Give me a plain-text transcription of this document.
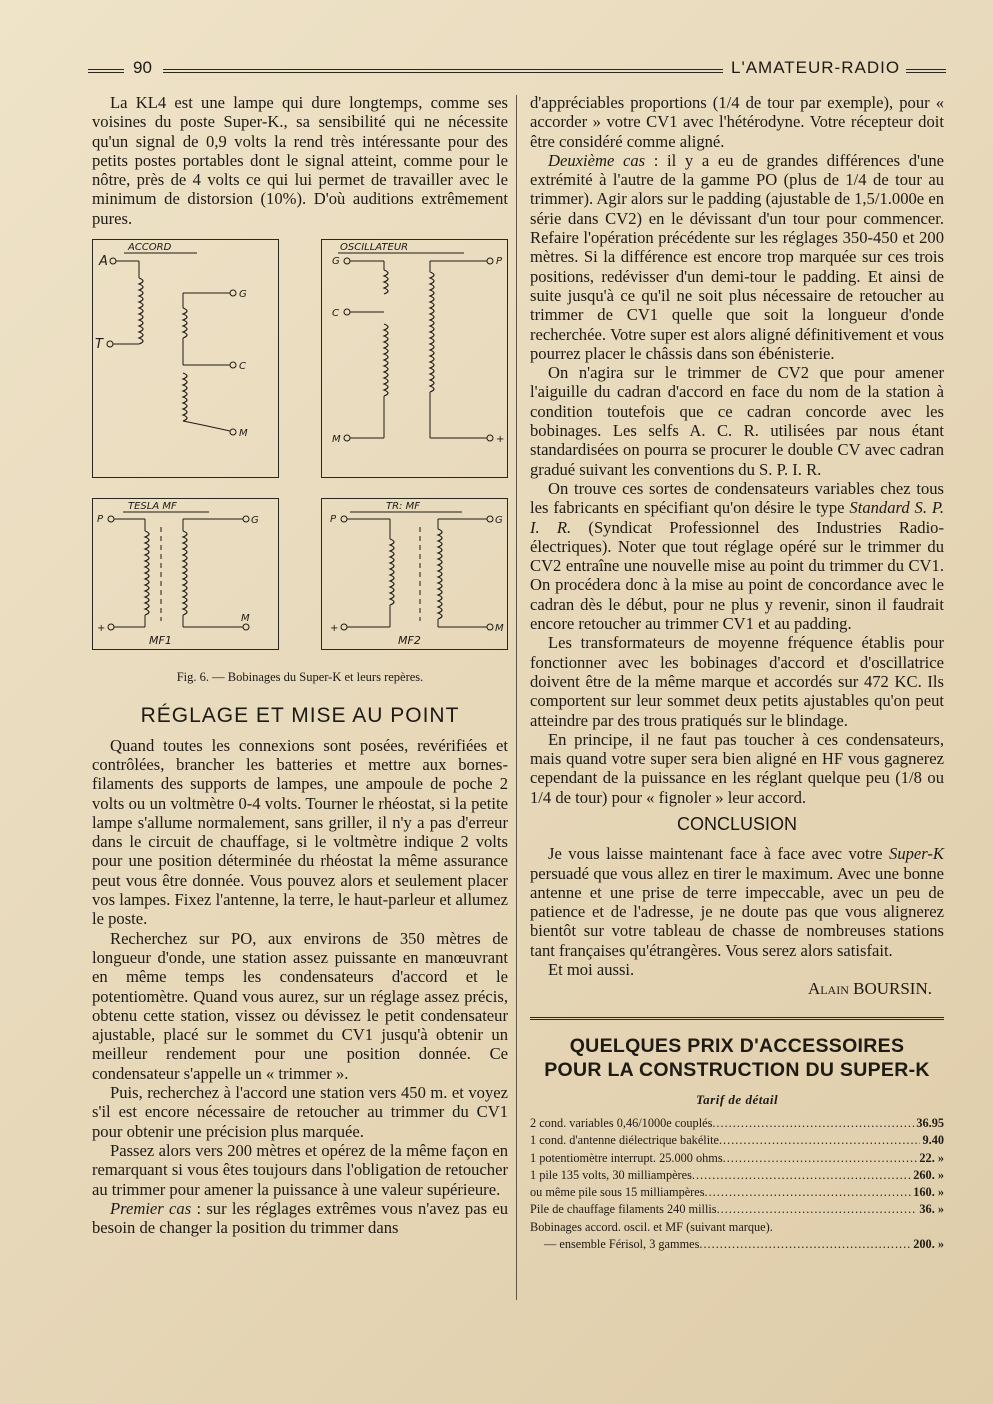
90	L'AMATEUR-RADIO

La KL4 est une lampe qui dure longtemps, comme ses voisines du poste Super-K., sa sensibilité qui ne nécessite qu'un signal de 0,9 volts la rend très intéressante pour des petits postes portables dont le signal atteint, comme pour le nôtre, près de 4 volts ce qui lui permet de travailler avec le minimum de distorsion (10%). D'où auditions extrêmement pures.

ACCORD
A
T
G
C
M
OSCILLATEUR
G
C
M
P
+
TESLA MF
P
+
G
M
MF1
TR: MF
P
+
G
M
MF2

Fig. 6. — Bobinages du Super-K et leurs repères.

RÉGLAGE ET MISE AU POINT

Quand toutes les connexions sont posées, revérifiées et contrôlées, brancher les batteries et mettre aux bornes-filaments des supports de lampes, une ampoule de poche 2 volts ou un voltmètre 0-4 volts. Tourner le rhéostat, si la petite lampe s'allume normalement, sans griller, il n'y a pas d'erreur dans le circuit de chauffage, si le voltmètre indique 2 volts pour une position déterminée du rhéostat la même assurance peut vous être donnée. Vous pouvez alors et seulement placer vos lampes. Fixez l'antenne, la terre, le haut-parleur et allumez le poste.

Recherchez sur PO, aux environs de 350 mètres de longueur d'onde, une station assez puissante en manœuvrant en même temps les condensateurs d'accord et le potentiomètre. Quand vous aurez, sur un réglage assez précis, obtenu cette station, vissez ou dévissez le petit condensateur ajustable, placé sur le sommet du CV1 jusqu'à obtenir un meilleur rendement pour une position donnée. Ce condensateur s'appelle un « trimmer ».

Puis, recherchez à l'accord une station vers 450 m. et voyez s'il est encore nécessaire de retoucher au trimmer du CV1 pour obtenir une précision plus marquée.

Passez alors vers 200 mètres et opérez de la même façon en remarquant si vous êtes toujours dans l'obligation de retoucher au trimmer pour amener la puissance à une valeur supérieure.

Premier cas : sur les réglages extrêmes vous n'avez pas eu besoin de changer la position du trimmer dans

d'appréciables proportions (1/4 de tour par exemple), pour « accorder » votre CV1 avec l'hétérodyne. Votre récepteur doit être considéré comme aligné.

Deuxième cas : il y a eu de grandes différences d'une extrémité à l'autre de la gamme PO (plus de 1/4 de tour au trimmer). Agir alors sur le padding (ajustable de 1,5/1.000e en série dans CV2) en le dévissant d'un tour pour commencer. Refaire l'opération précédente sur les réglages 350-450 et 200 mètres. Si la différence est encore trop marquée sur ces trois positions, redévisser d'un demi-tour le padding. Et ainsi de suite jusqu'à ce qu'il ne soit plus nécessaire de retoucher au trimmer de CV1 quelle que soit la longueur d'onde recherchée. Votre super est alors aligné définitivement et vous pourrez placer le châssis dans son ébénisterie.

On n'agira sur le trimmer de CV2 que pour amener l'aiguille du cadran d'accord en face du nom de la station à condition toutefois que ce cadran concorde avec les bobinages. Les selfs A. C. R. utilisées par nous étant standardisées on pourra se procurer le double CV avec cadran gradué suivant les conventions du S. P. I. R.

On trouve ces sortes de condensateurs variables chez tous les fabricants en spécifiant qu'on désire le type Standard S. P. I. R. (Syndicat Professionnel des Industries Radio-électriques). Noter que tout réglage opéré sur le trimmer du CV2 entraîne une nouvelle mise au point du trimmer du CV1. On procédera donc à la mise au point de concordance avec le cadran dès le début, pour ne plus y revenir, sinon il faudrait encore retoucher au trimmer CV1 et au padding.

Les transformateurs de moyenne fréquence établis pour fonctionner avec les bobinages d'accord et d'oscillatrice doivent être de la même marque et accordés sur 472 KC. Ils comportent sur leur sommet deux petits ajustables qu'on peut atteindre par des trous pratiqués sur le blindage.

En principe, il ne faut pas toucher à ces condensateurs, mais quand votre super sera bien aligné en HF vous gagnerez cependant de la puissance en les réglant quelque peu (1/8 ou 1/4 de tour) pour « fignoler » leur accord.

CONCLUSION

Je vous laisse maintenant face à face avec votre Super-K persuadé que vous allez en tirer le maximum. Avec une bonne antenne et une prise de terre impeccable, avec un peu de patience et de l'adresse, je ne doute pas que vous alignerez bientôt sur votre tableau de chasse de nombreuses stations tant françaises qu'étrangères. Vous serez alors satisfait.

Et moi aussi.

Alain BOURSIN.
QUELQUES PRIX D'ACCESSOIRES
POUR LA CONSTRUCTION DU SUPER-K
Tarif de détail
2 cond. variables 0,46/1000e couplés .....	36.95
1 cond. d'antenne diélectrique bakélite .....	9.40
1 potentiomètre interrupt. 25.000 ohms .....	22. »
1 pile 135 volts, 30 milliampères .....	260. »
ou même pile sous 15 milliampères .....	160. »
Pile de chauffage filaments 240 millis .....	36. »
Bobinages accord. oscil. et MF (suivant marque).
— ensemble Férisol, 3 gammes .....	200. »
